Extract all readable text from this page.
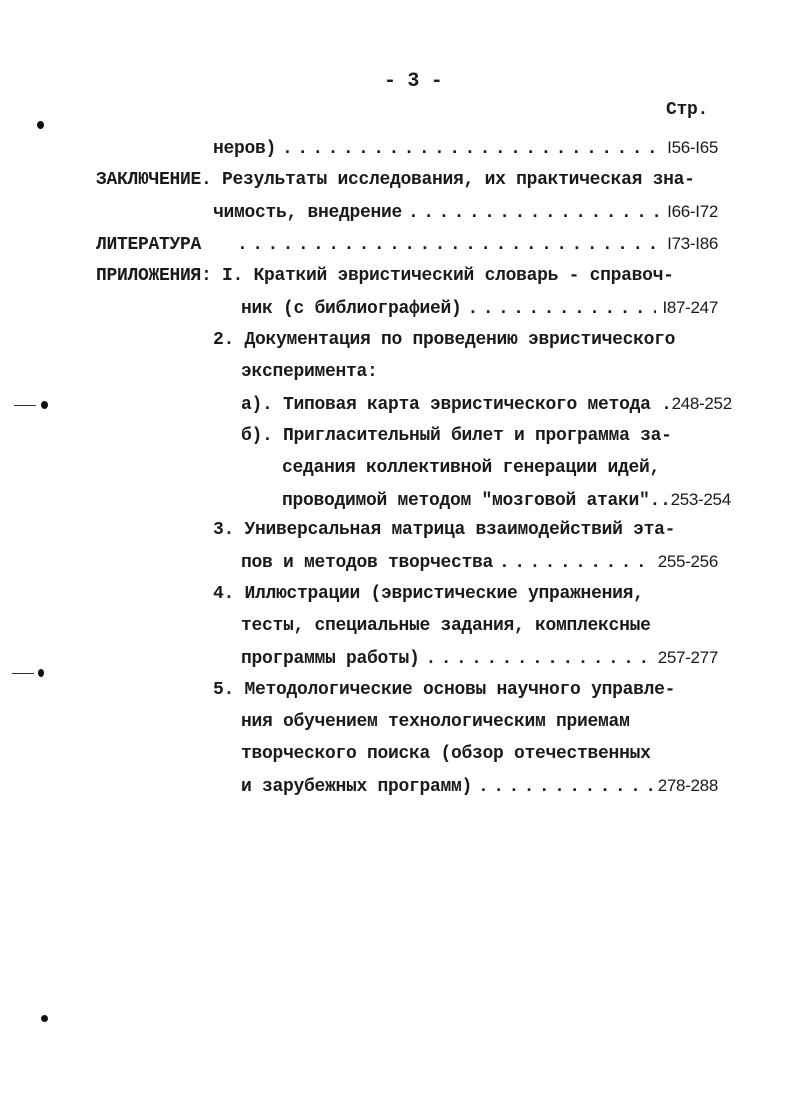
- 3 -
Стр.
неров) . . .	I56-I65
ЗАКЛЮЧЕНИЕ. Результаты исследования, их практическая зна-
чимость, внедрение . . .	I66-I72
ЛИТЕРАТУРА . . .	I73-I86
ПРИЛОЖЕНИЯ: I. Краткий эвристический словарь - справоч-
ник (с библиографией) . . .	I87-247
2. Документация по проведению эвристического
эксперимента:
а). Типовая карта эвристического метода . 248-252
б). Пригласительный билет и программа за-
седания коллективной генерации идей,
проводимой методом "мозговой атаки".. 253-254
3. Универсальная матрица взаимодействий эта-
пов и методов творчества . . .	255-256
4. Иллюстрации (эвристические упражнения,
тесты, специальные задания, комплексные
программы работы) . . .	257-277
5. Методологические основы научного управле-
ния обучением технологическим приемам
творческого поиска (обзор отечественных
и зарубежных программ) . . .	278-288
